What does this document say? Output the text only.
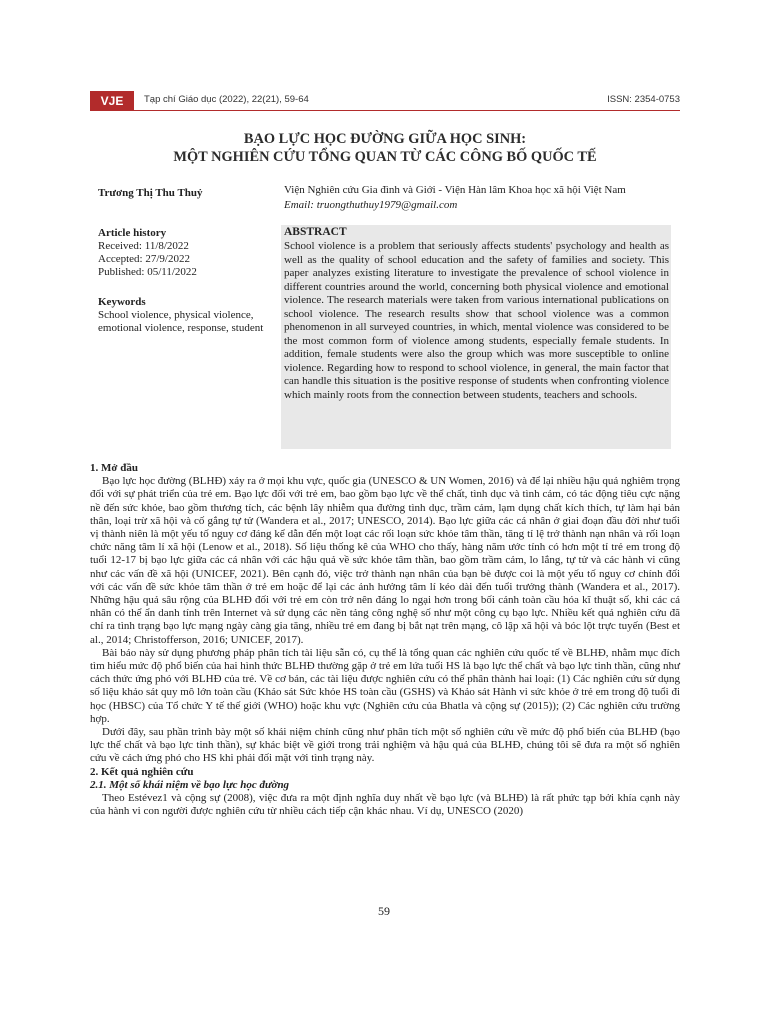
VJE	Tạp chí Giáo dục (2022), 22(21), 59-64	ISSN: 2354-0753
BẠO LỰC HỌC ĐƯỜNG GIỮA HỌC SINH:
MỘT NGHIÊN CỨU TỔNG QUAN TỪ CÁC CÔNG BỐ QUỐC TẾ
Trương Thị Thu Thuỷ	Viện Nghiên cứu Gia đình và Giới - Viện Hàn lâm Khoa học xã hội Việt Nam
Email: truongthuthuy1979@gmail.com

Article history

Received: 11/8/2022

Accepted: 27/9/2022

Published: 05/11/2022

Keywords

School violence, physical violence, emotional violence, response, student

ABSTRACT

School violence is a problem that seriously affects students' psychology and health as well as the quality of school education and the safety of families and society. This paper analyzes existing literature to investigate the prevalence of school violence in different countries around the world, concerning both physical violence and emotional violence. The research materials were taken from various international publications on school violence. The research results show that school violence was a common phenomenon in all surveyed countries, in which, mental violence was considered to be the most common form of violence among students, especially female students. In addition, female students were also the group which was more susceptible to online violence. Regarding how to respond to school violence, in general, the main factor that can handle this situation is the positive response of students when confronting violence which mainly roots from the connection between students, teachers and schools.

1. Mở đầu

Bạo lực học đường (BLHĐ) xảy ra ở mọi khu vực, quốc gia (UNESCO & UN Women, 2016) và để lại nhiều hậu quả nghiêm trọng đối với sự phát triển của trẻ em. Bạo lực đối với trẻ em, bao gồm bạo lực về thể chất, tình dục và tình cảm, có tác động tiêu cực nặng nề đến sức khỏe, bao gồm thương tích, các bệnh lây nhiễm qua đường tình dục, trầm cảm, lạm dụng chất kích thích, tự làm hại bản thân, loại trừ xã hội và cố gắng tự tử (Wandera et al., 2017; UNESCO, 2014). Bạo lực giữa các cá nhân ở giai đoạn đầu đời như tuổi vị thành niên là một yếu tố nguy cơ đáng kể dẫn đến một loạt các rối loạn sức khỏe tâm thần, tăng tỉ lệ trở thành nạn nhân và rối loạn chức năng tâm lí xã hội (Lenow et al., 2018). Số liệu thống kê của WHO cho thấy, hàng năm ước tính có hơn một tỉ trẻ em trong độ tuổi 12-17 bị bạo lực giữa các cá nhân với các hậu quả về sức khỏe tâm thần, bao gồm trầm cảm, lo lắng, tự tử và các hành vi cũng như các vấn đề xã hội (UNICEF, 2021). Bên cạnh đó, việc trở thành nạn nhân của bạn bè được coi là một yếu tố nguy cơ chính đối với các vấn đề sức khỏe tâm thần ở trẻ em hoặc để lại các ảnh hưởng tâm lí kéo dài đến tuổi trưởng thành (Wandera et al., 2017). Những hậu quả sâu rộng của BLHĐ đối với trẻ em còn trở nên đáng lo ngại hơn trong bối cảnh toàn cầu hóa kĩ thuật số, khi các cá nhân có thể ẩn danh tính trên Internet và sử dụng các nền tảng công nghệ số như một công cụ bạo lực. Nhiều kết quả nghiên cứu đã chỉ ra tình trạng bạo lực mạng ngày càng gia tăng, nhiều trẻ em đang bị bắt nạt trên mạng, cô lập xã hội và bóc lột trực tuyến (Best et al., 2014; Christofferson, 2016; UNICEF, 2017).

Bài báo này sử dụng phương pháp phân tích tài liệu sẵn có, cụ thể là tổng quan các nghiên cứu quốc tế về BLHĐ, nhằm mục đích tìm hiểu mức độ phổ biến của hai hình thức BLHĐ thường gặp ở trẻ em lứa tuổi HS là bạo lực thể chất và bạo lực tinh thần, cũng như cách thức ứng phó với BLHĐ của trẻ. Về cơ bản, các tài liệu được nghiên cứu có thể phân thành hai loại: (1) Các nghiên cứu sử dụng số liệu khảo sát quy mô lớn toàn cầu (Khảo sát Sức khỏe HS toàn cầu (GSHS) và Khảo sát Hành vi sức khỏe ở trẻ em trong độ tuổi đi học (HBSC) của Tổ chức Y tế thế giới (WHO) hoặc khu vực (Nghiên cứu của Bhatla và cộng sự (2015)); (2) Các nghiên cứu trường hợp.

Dưới đây, sau phần trình bày một số khái niệm chính cũng như phân tích một số nghiên cứu về mức độ phổ biến của BLHĐ (bạo lực thể chất và bạo lực tinh thần), sự khác biệt về giới trong trải nghiệm và hậu quả của BLHĐ, chúng tôi sẽ đưa ra một số nghiên cứu về cách ứng phó cho HS khi phải đối mặt với tình trạng này.

2. Kết quả nghiên cứu

2.1. Một số khái niệm về bạo lực học đường

Theo Estévez1 và cộng sự (2008), việc đưa ra một định nghĩa duy nhất về bạo lực (và BLHĐ) là rất phức tạp bởi khía cạnh này của hành vi con người được nghiên cứu từ nhiều cách tiếp cận khác nhau. Ví dụ, UNESCO (2020)

59
